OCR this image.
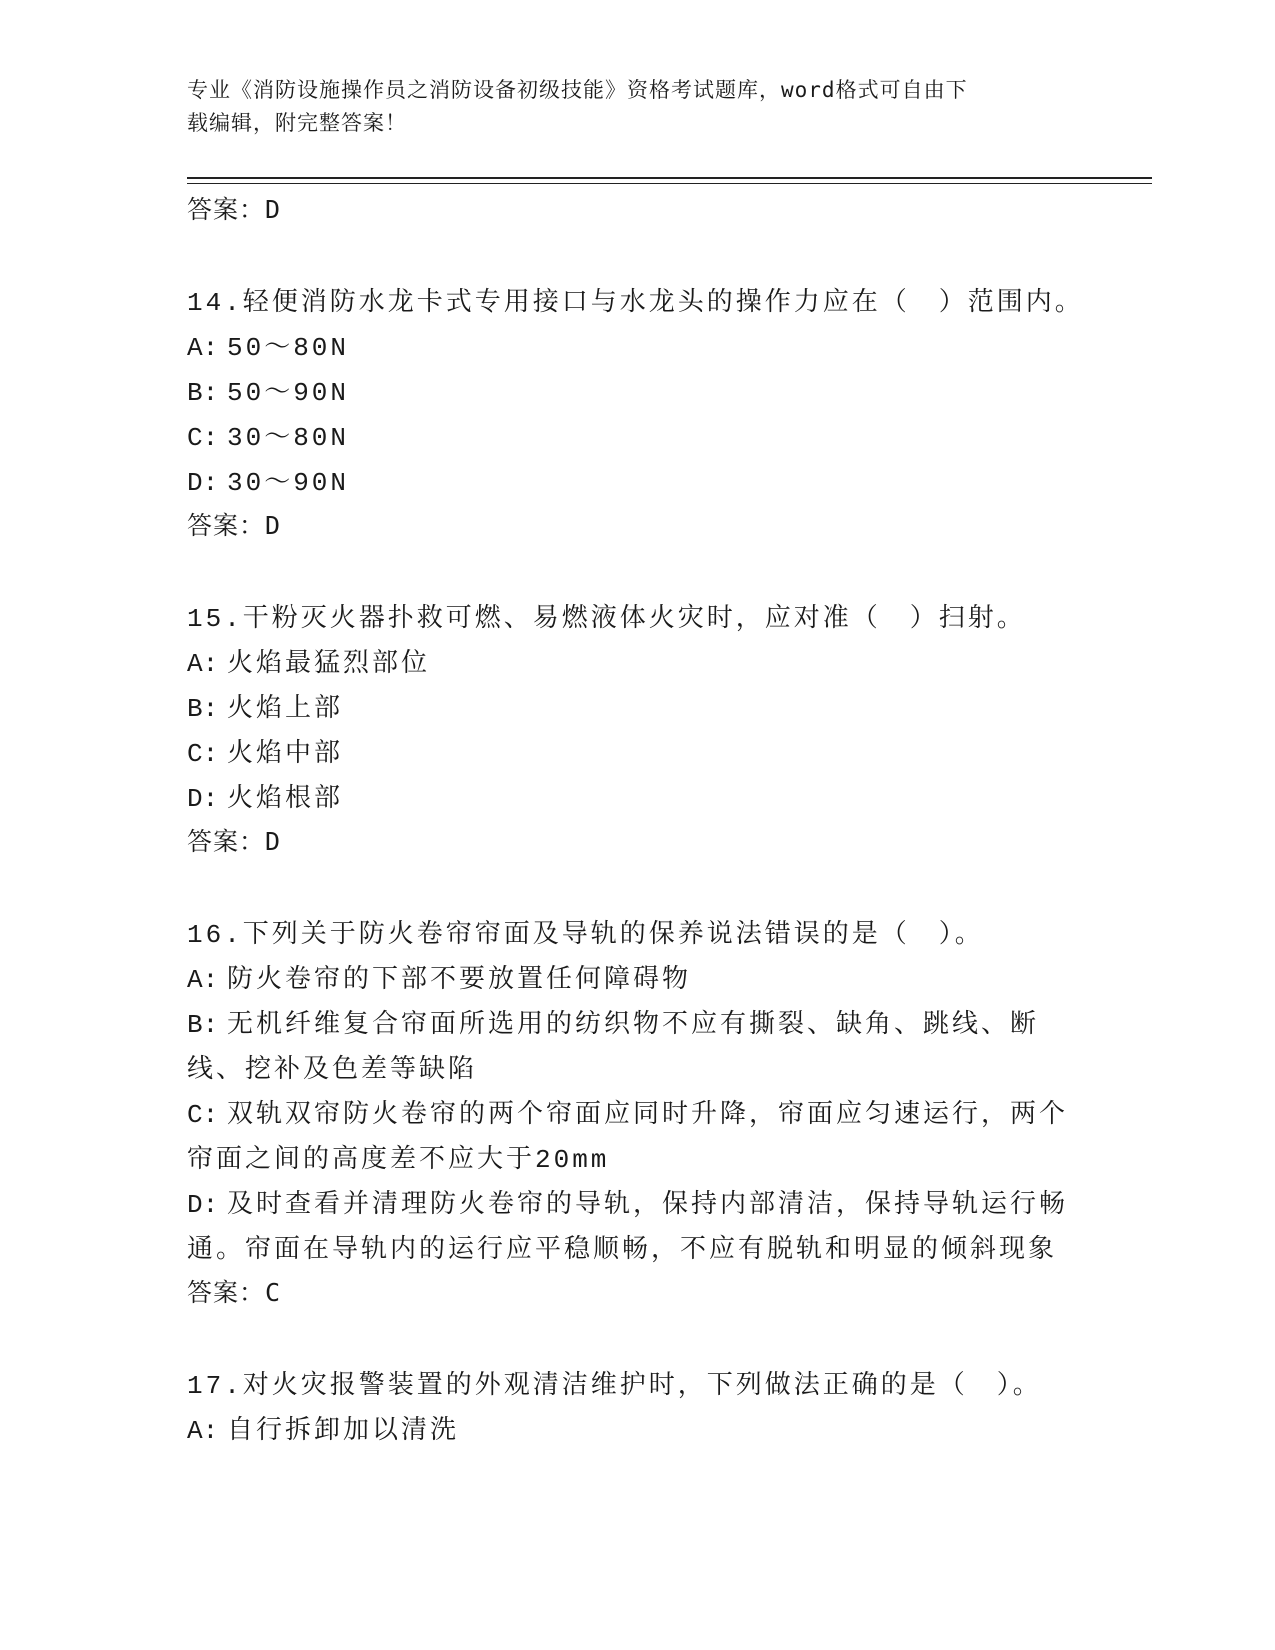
专业《消防设施操作员之消防设备初级技能》资格考试题库，word格式可自由下
载编辑，附完整答案！
答案：D
14.轻便消防水龙卡式专用接口与水龙头的操作力应在（　）范围内。
A: 50～80N
B: 50～90N
C: 30～80N
D: 30～90N
答案：D
15.干粉灭火器扑救可燃、易燃液体火灾时，应对准（　）扫射。
A: 火焰最猛烈部位
B: 火焰上部
C: 火焰中部
D: 火焰根部
答案：D
16.下列关于防火卷帘帘面及导轨的保养说法错误的是（　）。
A: 防火卷帘的下部不要放置任何障碍物
B: 无机纤维复合帘面所选用的纺织物不应有撕裂、缺角、跳线、断线、挖补及色差等缺陷
C: 双轨双帘防火卷帘的两个帘面应同时升降，帘面应匀速运行，两个帘面之间的高度差不应大于20mm
D: 及时查看并清理防火卷帘的导轨，保持内部清洁，保持导轨运行畅通。帘面在导轨内的运行应平稳顺畅，不应有脱轨和明显的倾斜现象
答案：C
17.对火灾报警装置的外观清洁维护时，下列做法正确的是（　）。
A: 自行拆卸加以清洗
